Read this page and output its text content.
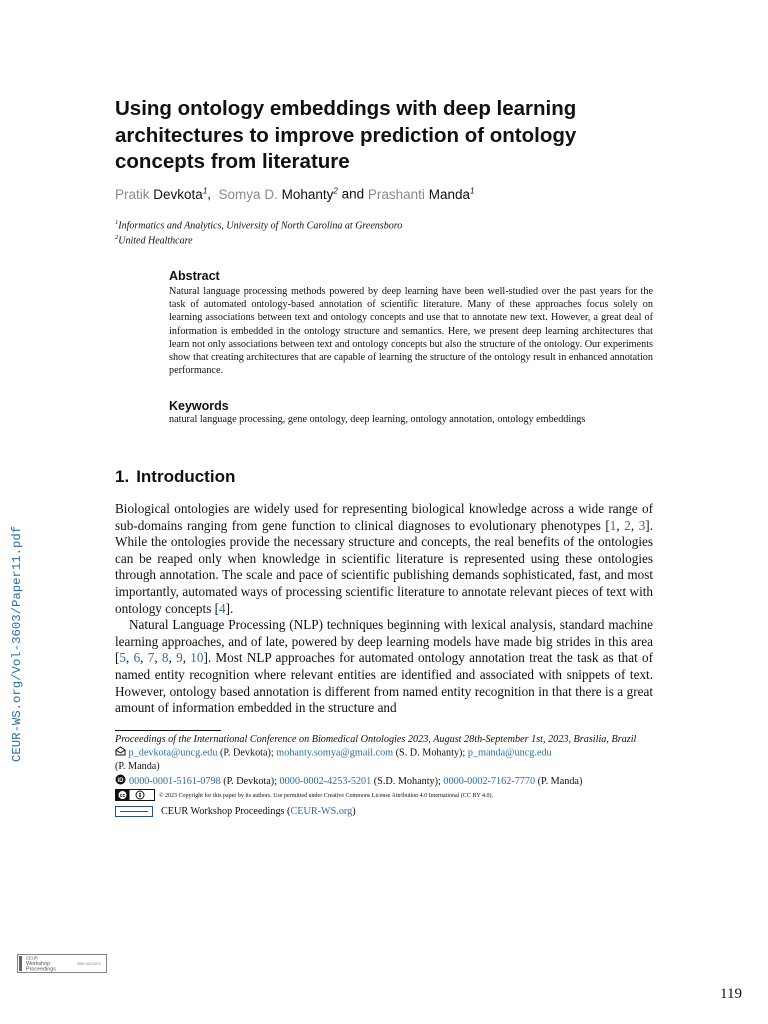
Using ontology embeddings with deep learning architectures to improve prediction of ontology concepts from literature
Pratik Devkota$^1$, Somya D. Mohanty$^2$ and Prashanti Manda$^1$
$^1$Informatics and Analytics, University of North Carolina at Greensboro
$^2$United Healthcare
Abstract
Natural language processing methods powered by deep learning have been well-studied over the past years for the task of automated ontology-based annotation of scientific literature. Many of these approaches focus solely on learning associations between text and ontology concepts and use that to annotate new text. However, a great deal of information is embedded in the ontology structure and semantics. Here, we present deep learning architectures that learn not only associations between text and ontology concepts but also the structure of the ontology. Our experiments show that creating architectures that are capable of learning the structure of the ontology result in enhanced annotation performance.
Keywords
natural language processing, gene ontology, deep learning, ontology annotation, ontology embeddings
1. Introduction

Biological ontologies are widely used for representing biological knowledge across a wide range of sub-domains ranging from gene function to clinical diagnoses to evolutionary phenotypes [1, 2, 3]. While the ontologies provide the necessary structure and concepts, the real benefits of the ontologies can be reaped only when knowledge in scientific literature is represented using these ontologies through annotation. The scale and pace of scientific publishing demands sophisticated, fast, and most importantly, automated ways of processing scientific literature to annotate relevant pieces of text with ontology concepts [4].

Natural Language Processing (NLP) techniques beginning with lexical analysis, standard machine learning approaches, and of late, powered by deep learning models have made big strides in this area [5, 6, 7, 8, 9, 10]. Most NLP approaches for automated ontology annotation treat the task as that of named entity recognition where relevant entities are identified and associated with snippets of text. However, ontology based annotation is different from named entity recognition in that there is a great amount of information embedded in the structure and

Proceedings of the International Conference on Biomedical Ontologies 2023, August 28th-September 1st, 2023, Brasilia, Brazil
p_devkota@uncg.edu (P. Devkota); mohanty.somya@gmail.com (S. D. Mohanty); p_manda@uncg.edu
(P. Manda)
iD 0000-0001-5161-0798 (P. Devkota); 0000-0002-4253-5201 (S.D. Mohanty); 0000-0002-7162-7770 (P. Manda)
cc	© 2023 Copyright for this paper by its authors. Use permitted under Creative Commons License Attribution 4.0 International (CC BY 4.0).
CEUR Workshop Proceedings ( CEUR-WS.org )
CEUR-WS.org/Vol-3603/Paper11.pdf
CEUR
Workshop
Proceedings
ISSN 1613-0073
119
